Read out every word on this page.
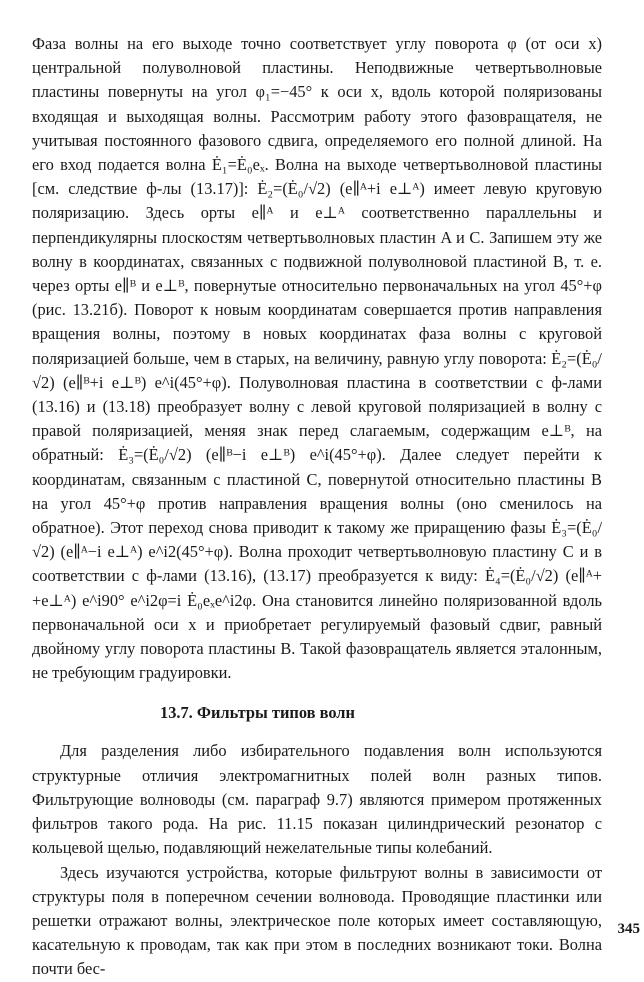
Фаза волны на его выходе точно соответствует углу поворота φ (от оси x) центральной полуволновой пластины. Неподвижные четвертьволновые пластины повернуты на угол φ₁=−45° к оси x, вдоль которой поляризованы входящая и выходящая волны. Рассмотрим работу этого фазовращателя, не учитывая постоянного фазового сдвига, определяемого его полной длиной. На его вход подается волна Ė₁=Ė₀eₓ. Волна на выходе четвертьволновой пластины [см. следствие ф-лы (13.17)]: Ė₂=(Ė₀/√2) (e∥ᴬ+i e⊥ᴬ) имеет левую круговую поляризацию. Здесь орты e∥ᴬ и e⊥ᴬ соответственно параллельны и перпендикулярны плоскостям четвертьволновых пластин A и C. Запишем эту же волну в координатах, связанных с подвижной полуволновой пластиной B, т. е. через орты e∥ᴮ и e⊥ᴮ, повернутые относительно первоначальных на угол 45°+φ (рис. 13.21б). Поворот к новым координатам совершается против направления вращения волны, поэтому в новых координатах фаза волны с круговой поляризацией больше, чем в старых, на величину, равную углу поворота: Ė₂=(Ė₀/√2) (e∥ᴮ+i e⊥ᴮ) e^i(45°+φ). Полуволновая пластина в соответствии с ф-лами (13.16) и (13.18) преобразует волну с левой круговой поляризацией в волну с правой поляризацией, меняя знак перед слагаемым, содержащим e⊥ᴮ, на обратный: Ė₃=(Ė₀/√2) (e∥ᴮ−i e⊥ᴮ) e^i(45°+φ). Далее следует перейти к координатам, связанным с пластиной C, повернутой относительно пластины B на угол 45°+φ против направления вращения волны (оно сменилось на обратное). Этот переход снова приводит к такому же приращению фазы Ė₃=(Ė₀/√2) (e∥ᴬ−i e⊥ᴬ) e^i2(45°+φ). Волна проходит четвертьволновую пластину C и в соответствии с ф-лами (13.16), (13.17) преобразуется к виду: Ė₄=(Ė₀/√2) (e∥ᴬ+ +e⊥ᴬ) e^i90° e^i2φ=i Ė₀eₓe^i2φ. Она становится линейно поляризованной вдоль первоначальной оси x и приобретает регулируемый фазовый сдвиг, равный двойному углу поворота пластины B. Такой фазовращатель является эталонным, не требующим градуировки.

13.7. Фильтры типов волн

Для разделения либо избирательного подавления волн используются структурные отличия электромагнитных полей волн разных типов. Фильтрующие волноводы (см. параграф 9.7) являются примером протяженных фильтров такого рода. На рис. 11.15 показан цилиндрический резонатор с кольцевой щелью, подавляющий нежелательные типы колебаний.

Здесь изучаются устройства, которые фильтруют волны в зависимости от структуры поля в поперечном сечении волновода. Проводящие пластинки или решетки отражают волны, электрическое поле которых имеет составляющую, касательную к проводам, так как при этом в последних возникают токи. Волна почти бес-

345
